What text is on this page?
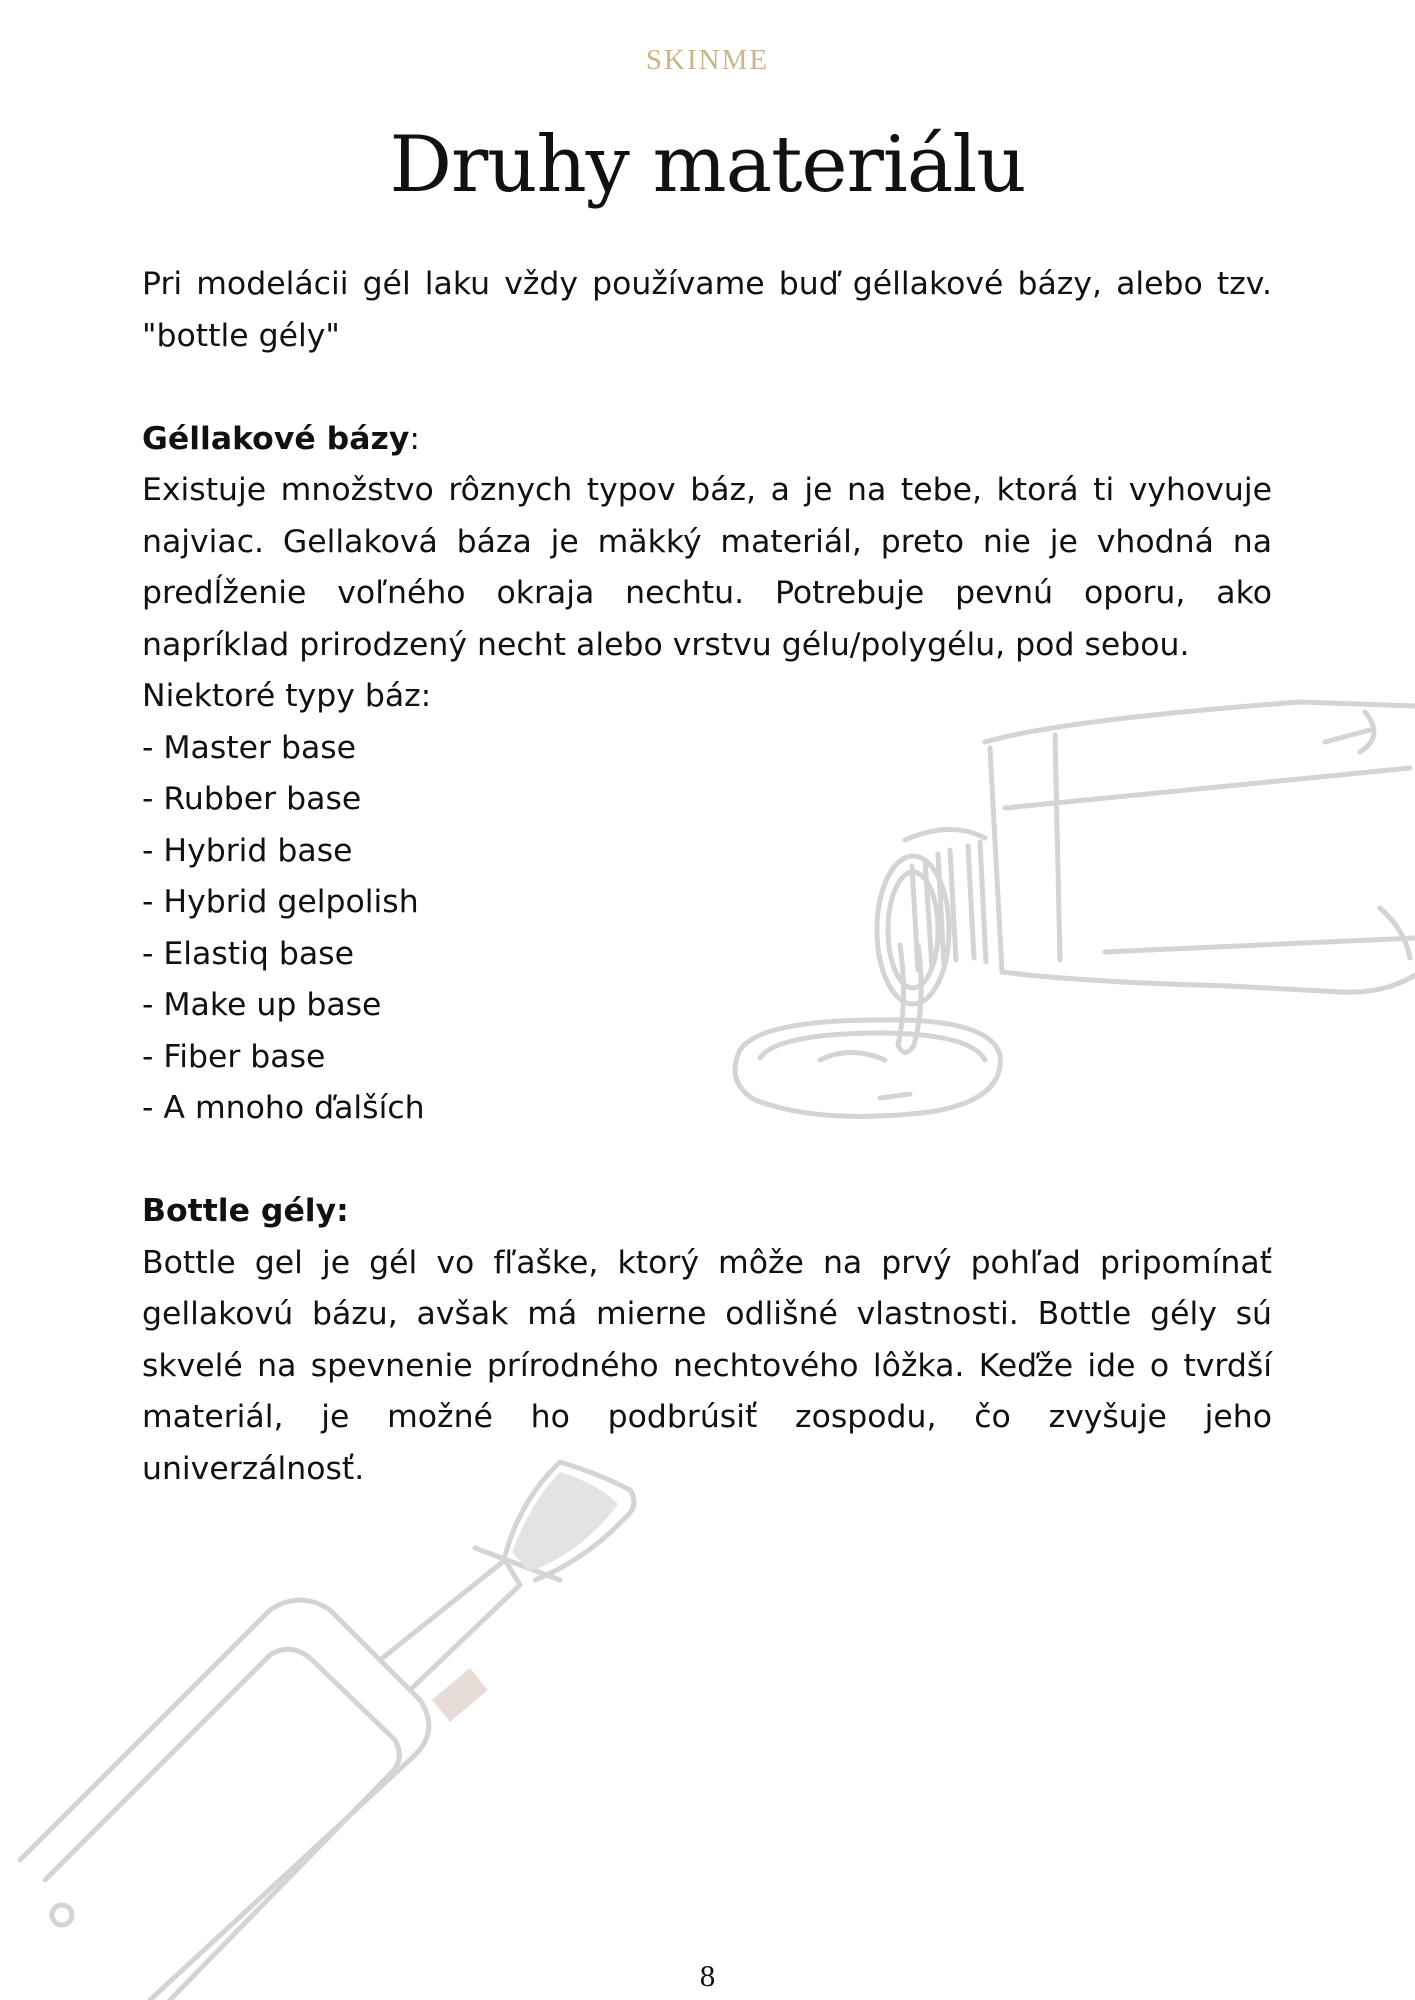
SKINME
Druhy materiálu

Pri modelácii gél laku vždy používame buď géllakové bázy, alebo tzv. "bottle gély"

Géllakové bázy:

Existuje množstvo rôznych typov báz, a je na tebe, ktorá ti vyhovuje najviac. Gellaková báza je mäkký materiál, preto nie je vhodná na predĺženie voľného okraja nechtu. Potrebuje pevnú oporu, ako napríklad prirodzený necht alebo vrstvu gélu/polygélu, pod sebou.

Niektoré typy báz:

- Master base
- Rubber base
- Hybrid base
- Hybrid gelpolish
- Elastiq base
- Make up base
- Fiber base
- A mnoho ďalších

Bottle gély:

Bottle gel je gél vo fľaške, ktorý môže na prvý pohľad pripomínať gellakovú bázu, avšak má mierne odlišné vlastnosti. Bottle gély sú skvelé na spevnenie prírodného nechtového lôžka. Keďže ide o tvrdší materiál, je možné ho podbrúsiť zospodu, čo zvyšuje jeho univerzálnosť.

8
